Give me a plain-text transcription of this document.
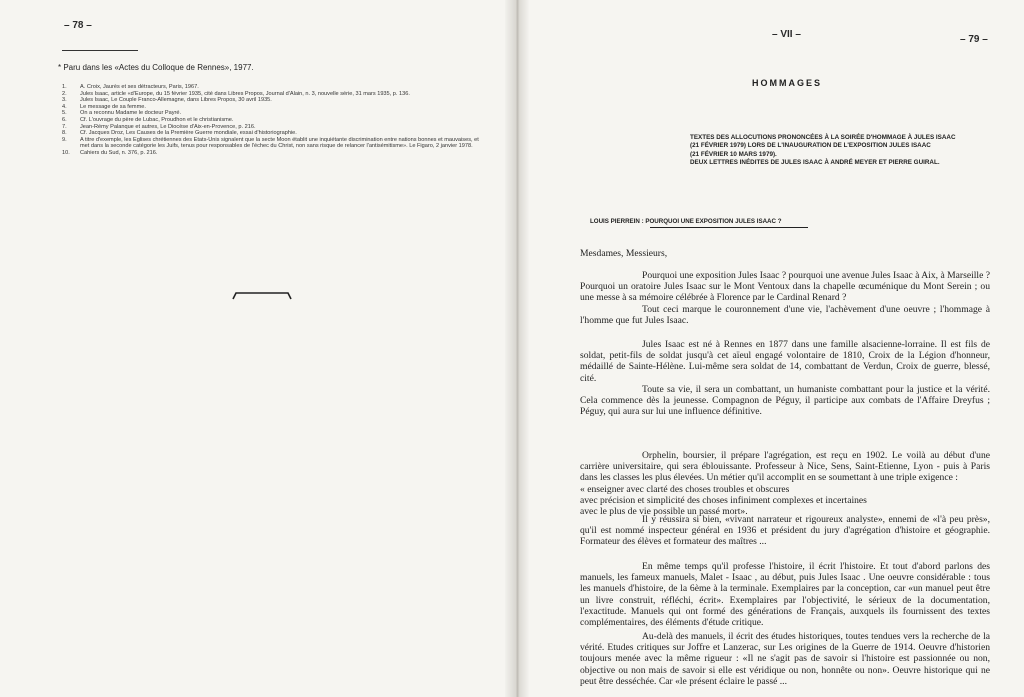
– 78 –
* Paru dans les «Actes du Colloque de Rennes», 1977.
1.	A. Croix, Jaurès et ses détracteurs, Paris, 1967.
2.	Jules Isaac, article «d'Europe, du 15 février 1935, cité dans Libres Propos, Journal d'Alain, n. 3, nouvelle série, 31 mars 1935, p. 136.
3.	Jules Isaac, Le Couple Franco-Allemagne, dans Libres Propos, 30 avril 1935.
4.	Le message de sa femme.
5.	On a reconnu Madame le docteur Payré.
6.	Cf. L'ouvrage du père de Lubac, Proudhon et le christianisme.
7.	Jean-Rémy Palanque et autres, Le Diocèse d'Aix-en-Provence, p. 216.
8.	Cf. Jacques Droz, Les Causes de la Première Guerre mondiale, essai d'historiographie.
9.	A titre d'exemple, les Eglises chrétiennes des Etats-Unis signalent que la secte Moon établit une inquiétante discrimination entre nations bonnes et mauvaises, et met dans la seconde catégorie les Juifs, tenus pour responsables de l'échec du Christ, non sans risque de relancer l'antisémitisme». Le Figaro, 2 janvier 1978.
10.	Cahiers du Sud, n. 376, p. 216.
– VII –	– 79 –
HOMMAGES
TEXTES DES ALLOCUTIONS PRONONCÉES À LA SOIRÉE D'HOMMAGE À JULES ISAAC
(21 FÉVRIER 1979) LORS DE L'INAUGURATION DE L'EXPOSITION JULES ISAAC
(21 FÉVRIER 10 MARS 1979).
DEUX LETTRES INÉDITES DE JULES ISAAC À ANDRÉ MEYER ET PIERRE GUIRAL.
LOUIS PIERREIN : POURQUOI UNE EXPOSITION JULES ISAAC ?
Mesdames, Messieurs,

Pourquoi une exposition Jules Isaac ? pourquoi une avenue Jules Isaac à Aix, à Marseille ? Pourquoi un oratoire Jules Isaac sur le Mont Ventoux dans la chapelle œcuménique du Mont Serein ; ou une messe à sa mémoire célébrée à Florence par le Cardinal Renard ?

Tout ceci marque le couronnement d'une vie, l'achèvement d'une oeuvre ; l'hommage à l'homme que fut Jules Isaac.

Jules Isaac est né à Rennes en 1877 dans une famille alsacienne-lorraine. Il est fils de soldat, petit-fils de soldat jusqu'à cet aïeul engagé volontaire de 1810, Croix de la Légion d'honneur, médaillé de Sainte-Hélène. Lui-même sera soldat de 14, combattant de Verdun, Croix de guerre, blessé, cité.

Toute sa vie, il sera un combattant, un humaniste combattant pour la justice et la vérité. Cela commence dès la jeunesse. Compagnon de Péguy, il participe aux combats de l'Affaire Dreyfus ; Péguy, qui aura sur lui une influence définitive.

Orphelin, boursier, il prépare l'agrégation, est reçu en 1902. Le voilà au début d'une carrière universitaire, qui sera éblouissante. Professeur à Nice, Sens, Saint-Etienne, Lyon - puis à Paris dans les classes les plus élevées. Un métier qu'il accomplit en se soumettant à une triple exigence :

« enseigner avec clarté des choses troubles et obscures

avec précision et simplicité des choses infiniment complexes et incertaines

avec le plus de vie possible un passé mort».

Il y réussira si bien, «vivant narrateur et rigoureux analyste», ennemi de «l'à peu près», qu'il est nommé inspecteur général en 1936 et président du jury d'agrégation d'histoire et géographie. Formateur des élèves et formateur des maîtres ...

En même temps qu'il professe l'histoire, il écrit l'histoire. Et tout d'abord parlons des manuels, les fameux manuels, Malet - Isaac , au début, puis Jules Isaac . Une oeuvre considérable : tous les manuels d'histoire, de la 6ème à la terminale. Exemplaires par la conception, car «un manuel peut être un livre construit, réfléchi, écrit». Exemplaires par l'objectivité, le sérieux de la documentation, l'exactitude. Manuels qui ont formé des générations de Français, auxquels ils fournissent des textes complémentaires, des éléments d'étude critique.

Au-delà des manuels, il écrit des études historiques, toutes tendues vers la recherche de la vérité. Etudes critiques sur Joffre et Lanzerac, sur Les origines de la Guerre de 1914. Oeuvre d'historien toujours menée avec la même rigueur : «Il ne s'agit pas de savoir si l'histoire est passionnée ou non, objective ou non mais de savoir si elle est véridique ou non, honnête ou non». Oeuvre historique qui ne peut être desséchée. Car «le présent éclaire le passé ...
